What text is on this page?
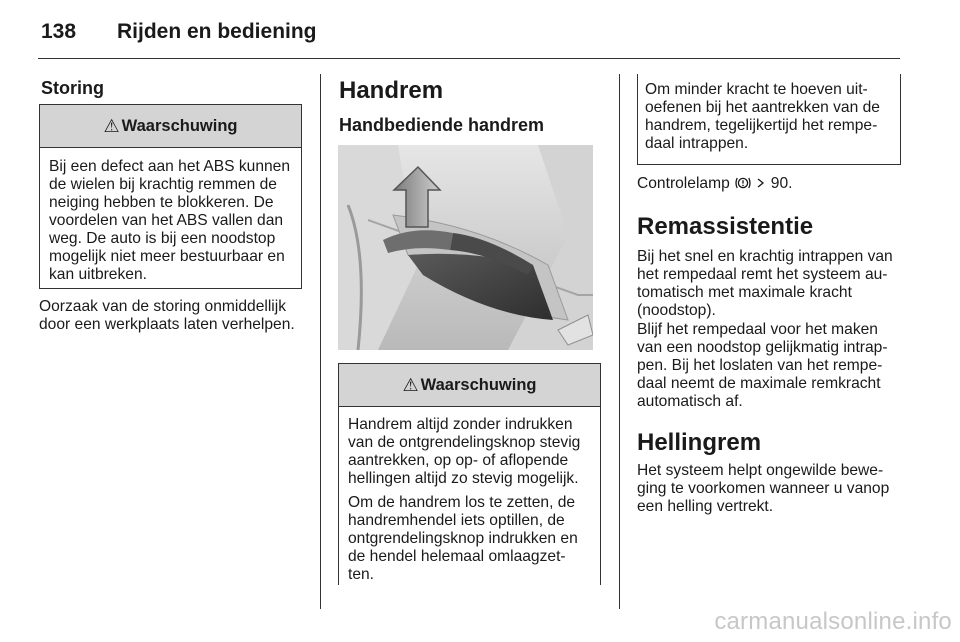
138 Rijden en bediening
Storing
⚠ Waarschuwing

Bij een defect aan het ABS kunnen
de wielen bij krachtig remmen de
neiging hebben te blokkeren. De
voordelen van het ABS vallen dan
weg. De auto is bij een noodstop
mogelijk niet meer bestuurbaar en
kan uitbreken.

Oorzaak van de storing onmiddellijk
door een werkplaats laten verhelpen.

Handrem
Handbediende handrem
⚠ Waarschuwing

Handrem altijd zonder indrukken
van de ontgrendelingsknop stevig
aantrekken, op op- of aflopende
hellingen altijd zo stevig mogelijk.

Om de handrem los te zetten, de
handremhendel iets optillen, de
ontgrendelingsknop indrukken en
de hendel helemaal omlaagzet-
ten.

Om minder kracht te hoeven uit-
oefenen bij het aantrekken van de
handrem, tegelijkertijd het rempe-
daal intrappen.

Controlelamp	90.
Remassistentie

Bij het snel en krachtig intrappen van
het rempedaal remt het systeem au-
tomatisch met maximale kracht
(noodstop).

Blijf het rempedaal voor het maken
van een noodstop gelijkmatig intrap-
pen. Bij het loslaten van het rempe-
daal neemt de maximale remkracht
automatisch af.

Hellingrem

Het systeem helpt ongewilde bewe-
ging te voorkomen wanneer u vanop
een helling vertrekt.

carmanualsonline.info
